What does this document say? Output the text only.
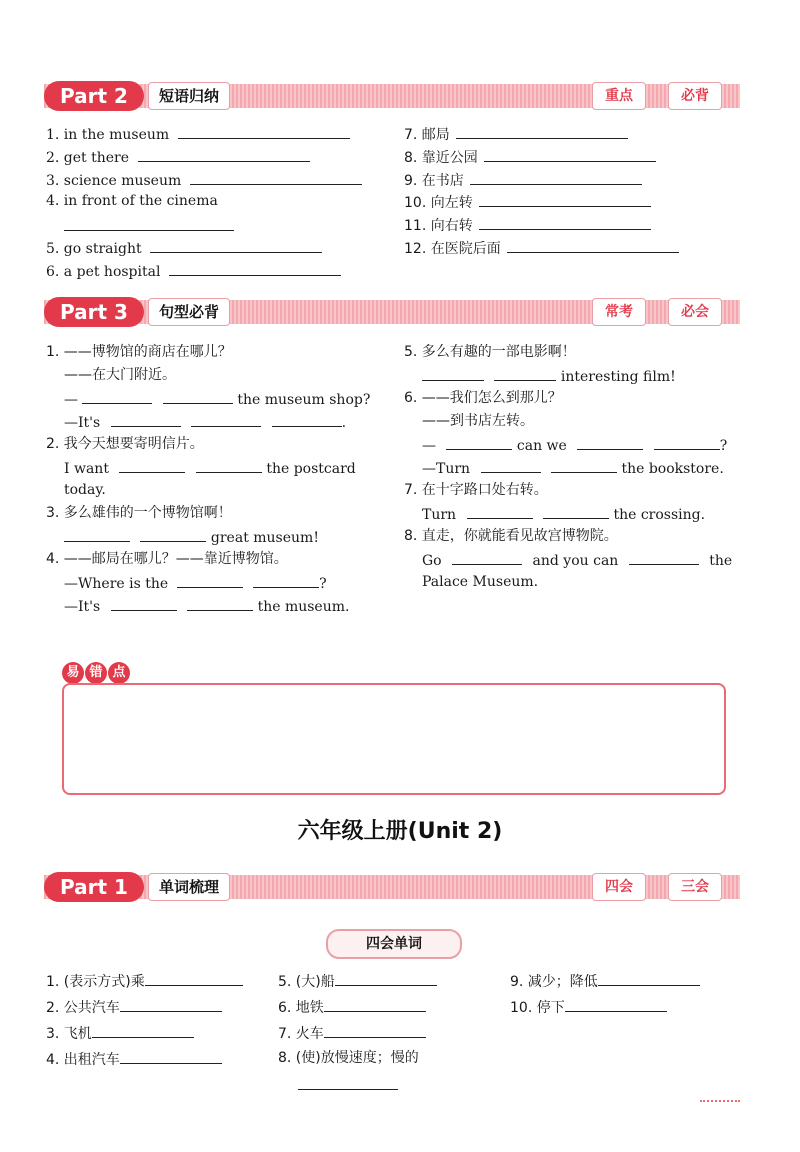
Part 2	短语归纳	重点	必背
1. in the museum
2. get there
3. science museum
4. in front of the cinema
5. go straight
6. a pet hospital
7. 邮局
8. 靠近公园
9. 在书店
10. 向左转
11. 向右转
12. 在医院后面
Part 3	句型必背	常考	必会
1. ——博物馆的商店在哪儿？
——在大门附近。
—	the museum shop?
—It's	.
2. 我今天想要寄明信片。
I want	the postcard
today.
3. 多么雄伟的一个博物馆啊！
great museum!
4. ——邮局在哪儿？——靠近博物馆。
—Where is the	?
—It's	the museum.
5. 多么有趣的一部电影啊！
interesting film!
6. ——我们怎么到那儿？
——到书店左转。
—	can we	?
—Turn	the bookstore.
7. 在十字路口处右转。
Turn	the crossing.
8. 直走，你就能看见故宫博物院。
Go	and you can	the
Palace Museum.
易 错 点
六年级上册(Unit 2)
Part 1	单词梳理	四会	三会
四会单词
1. (表示方式)乘
2. 公共汽车
3. 飞机
4. 出租汽车
5. (大)船
6. 地铁
7. 火车
8. (使)放慢速度；慢的
9. 减少；降低
10. 停下
